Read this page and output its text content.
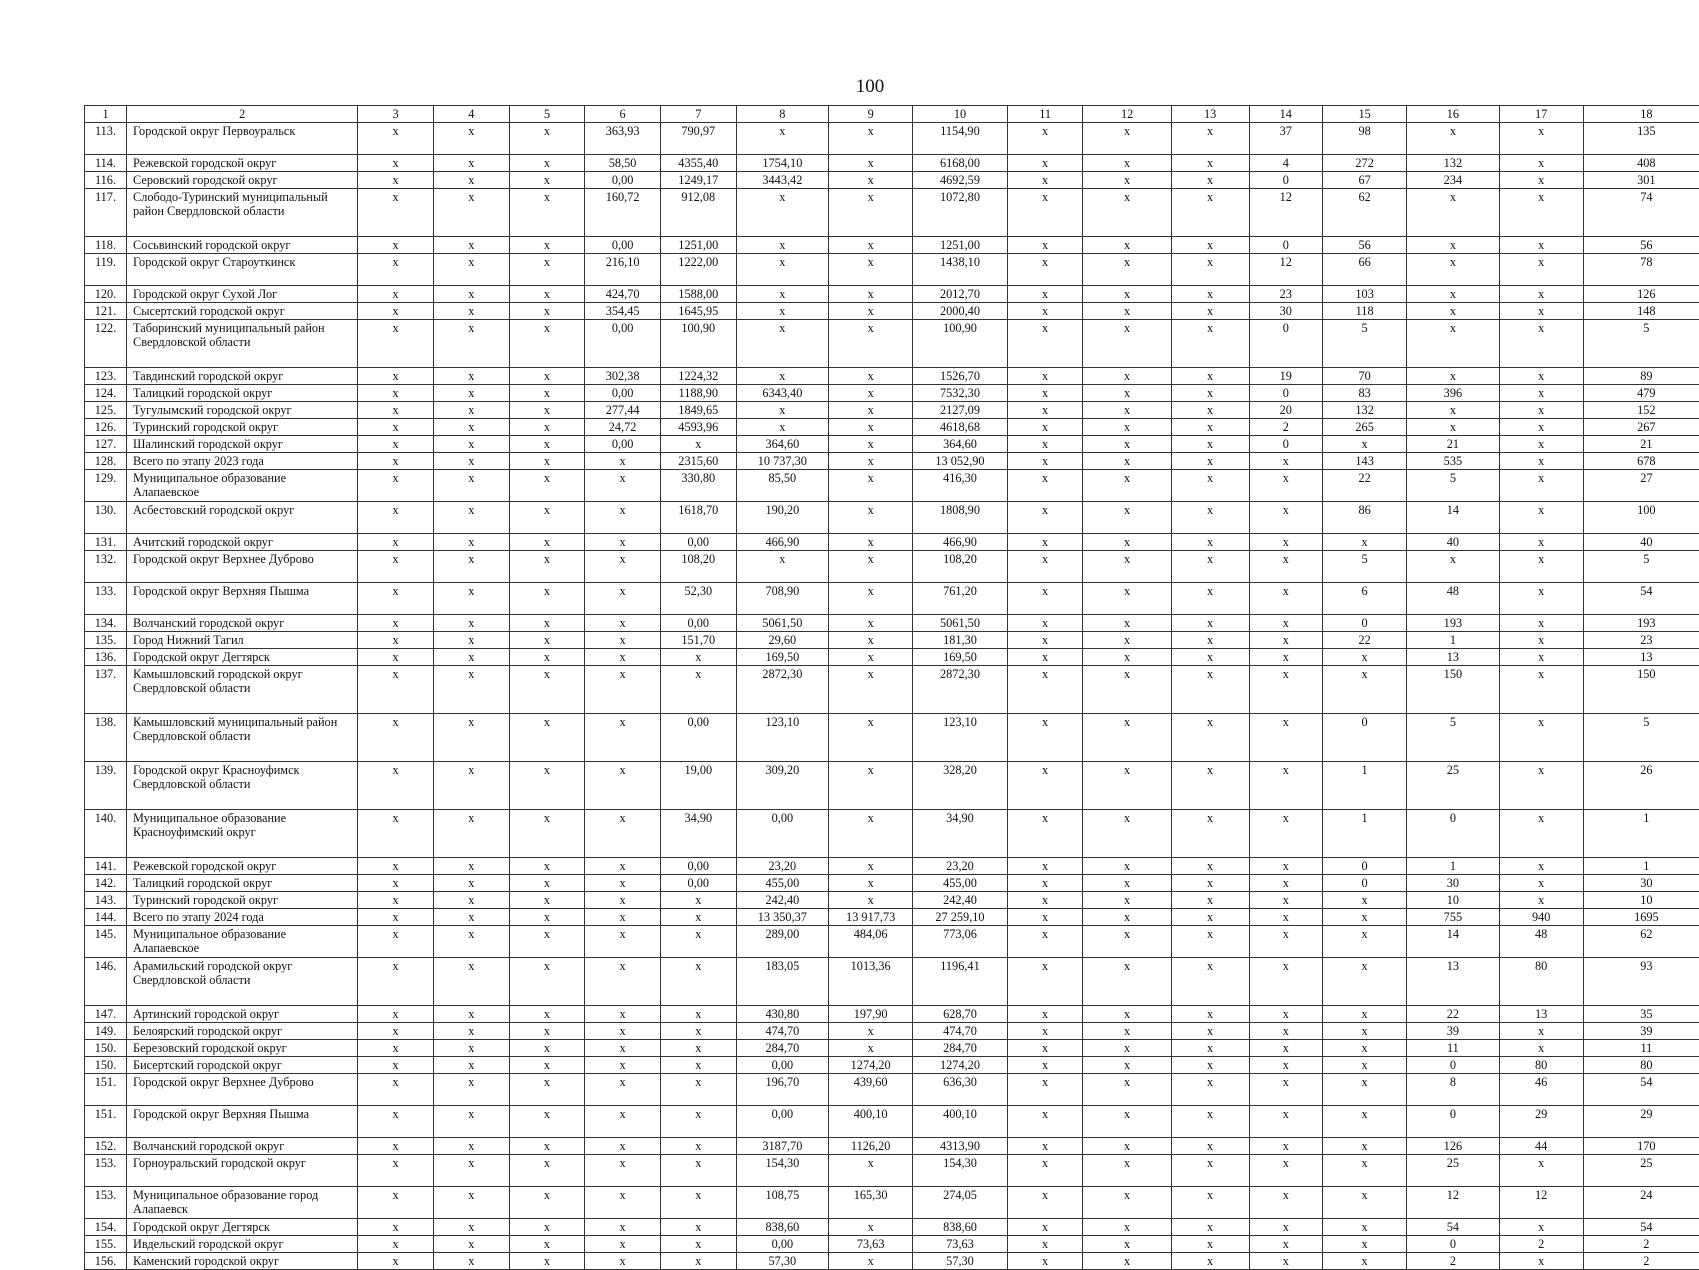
100
1	2	3	4	5	6	7	8	9	10	11	12	13	14	15	16	17	18
113.	Городской округ Первоуральск	х	х	х	363,93	790,97	х	х	1154,90	х	х	х	37	98	х	х	135
114.	Режевской городской округ	х	х	х	58,50	4355,40	1754,10	х	6168,00	х	х	х	4	272	132	х	408
116.	Серовский городской округ	х	х	х	0,00	1249,17	3443,42	х	4692,59	х	х	х	0	67	234	х	301
117.	Слободо-Туринский муниципальный район Свердловской области	х	х	х	160,72	912,08	х	х	1072,80	х	х	х	12	62	х	х	74
118.	Сосьвинский городской округ	х	х	х	0,00	1251,00	х	х	1251,00	х	х	х	0	56	х	х	56
119.	Городской округ Староуткинск	х	х	х	216,10	1222,00	х	х	1438,10	х	х	х	12	66	х	х	78
120.	Городской округ Сухой Лог	х	х	х	424,70	1588,00	х	х	2012,70	х	х	х	23	103	х	х	126
121.	Сысертский городской округ	х	х	х	354,45	1645,95	х	х	2000,40	х	х	х	30	118	х	х	148
122.	Таборинский муниципальный район Свердловской области	х	х	х	0,00	100,90	х	х	100,90	х	х	х	0	5	х	х	5
123.	Тавдинский городской округ	х	х	х	302,38	1224,32	х	х	1526,70	х	х	х	19	70	х	х	89
124.	Талицкий городской округ	х	х	х	0,00	1188,90	6343,40	х	7532,30	х	х	х	0	83	396	х	479
125.	Тугулымский городской округ	х	х	х	277,44	1849,65	х	х	2127,09	х	х	х	20	132	х	х	152
126.	Туринский городской округ	х	х	х	24,72	4593,96	х	х	4618,68	х	х	х	2	265	х	х	267
127.	Шалинский городской округ	х	х	х	0,00	х	364,60	х	364,60	х	х	х	0	х	21	х	21
128.	Всего по этапу 2023 года	х	х	х	х	2315,60	10 737,30	х	13 052,90	х	х	х	х	143	535	х	678
129.	Муниципальное образование Алапаевское	х	х	х	х	330,80	85,50	х	416,30	х	х	х	х	22	5	х	27
130.	Асбестовский городской округ	х	х	х	х	1618,70	190,20	х	1808,90	х	х	х	х	86	14	х	100
131.	Ачитский городской округ	х	х	х	х	0,00	466,90	х	466,90	х	х	х	х	х	40	х	40
132.	Городской округ Верхнее Дуброво	х	х	х	х	108,20	х	х	108,20	х	х	х	х	5	х	х	5
133.	Городской округ Верхняя Пышма	х	х	х	х	52,30	708,90	х	761,20	х	х	х	х	6	48	х	54
134.	Волчанский городской округ	х	х	х	х	0,00	5061,50	х	5061,50	х	х	х	х	0	193	х	193
135.	Город Нижний Тагил	х	х	х	х	151,70	29,60	х	181,30	х	х	х	х	22	1	х	23
136.	Городской округ Дегтярск	х	х	х	х	х	169,50	х	169,50	х	х	х	х	х	13	х	13
137.	Камышловский городской округ Свердловской области	х	х	х	х	х	2872,30	х	2872,30	х	х	х	х	х	150	х	150
138.	Камышловский муниципальный район Свердловской области	х	х	х	х	0,00	123,10	х	123,10	х	х	х	х	0	5	х	5
139.	Городской округ Красноуфимск Свердловской области	х	х	х	х	19,00	309,20	х	328,20	х	х	х	х	1	25	х	26
140.	Муниципальное образование Красноуфимский округ	х	х	х	х	34,90	0,00	х	34,90	х	х	х	х	1	0	х	1
141.	Режевской городской округ	х	х	х	х	0,00	23,20	х	23,20	х	х	х	х	0	1	х	1
142.	Талицкий городской округ	х	х	х	х	0,00	455,00	х	455,00	х	х	х	х	0	30	х	30
143.	Туринский городской округ	х	х	х	х	х	242,40	х	242,40	х	х	х	х	х	10	х	10
144.	Всего по этапу 2024 года	х	х	х	х	х	13 350,37	13 917,73	27 259,10	х	х	х	х	х	755	940	1695
145.	Муниципальное образование Алапаевское	х	х	х	х	х	289,00	484,06	773,06	х	х	х	х	х	14	48	62
146.	Арамильский городской округ Свердловской области	х	х	х	х	х	183,05	1013,36	1196,41	х	х	х	х	х	13	80	93
147.	Артинский городской округ	х	х	х	х	х	430,80	197,90	628,70	х	х	х	х	х	22	13	35
149.	Белоярский городской округ	х	х	х	х	х	474,70	х	474,70	х	х	х	х	х	39	х	39
150.	Березовский городской округ	х	х	х	х	х	284,70	х	284,70	х	х	х	х	х	11	х	11
150.	Бисертский городской округ	х	х	х	х	х	0,00	1274,20	1274,20	х	х	х	х	х	0	80	80
151.	Городской округ Верхнее Дуброво	х	х	х	х	х	196,70	439,60	636,30	х	х	х	х	х	8	46	54
151.	Городской округ Верхняя Пышма	х	х	х	х	х	0,00	400,10	400,10	х	х	х	х	х	0	29	29
152.	Волчанский городской округ	х	х	х	х	х	3187,70	1126,20	4313,90	х	х	х	х	х	126	44	170
153.	Горноуральский городской округ	х	х	х	х	х	154,30	х	154,30	х	х	х	х	х	25	х	25
153.	Муниципальное образование город Алапаевск	х	х	х	х	х	108,75	165,30	274,05	х	х	х	х	х	12	12	24
154.	Городской округ Дегтярск	х	х	х	х	х	838,60	х	838,60	х	х	х	х	х	54	х	54
155.	Ивдельский городской округ	х	х	х	х	х	0,00	73,63	73,63	х	х	х	х	х	0	2	2
156.	Каменский городской округ	х	х	х	х	х	57,30	х	57,30	х	х	х	х	х	2	х	2
